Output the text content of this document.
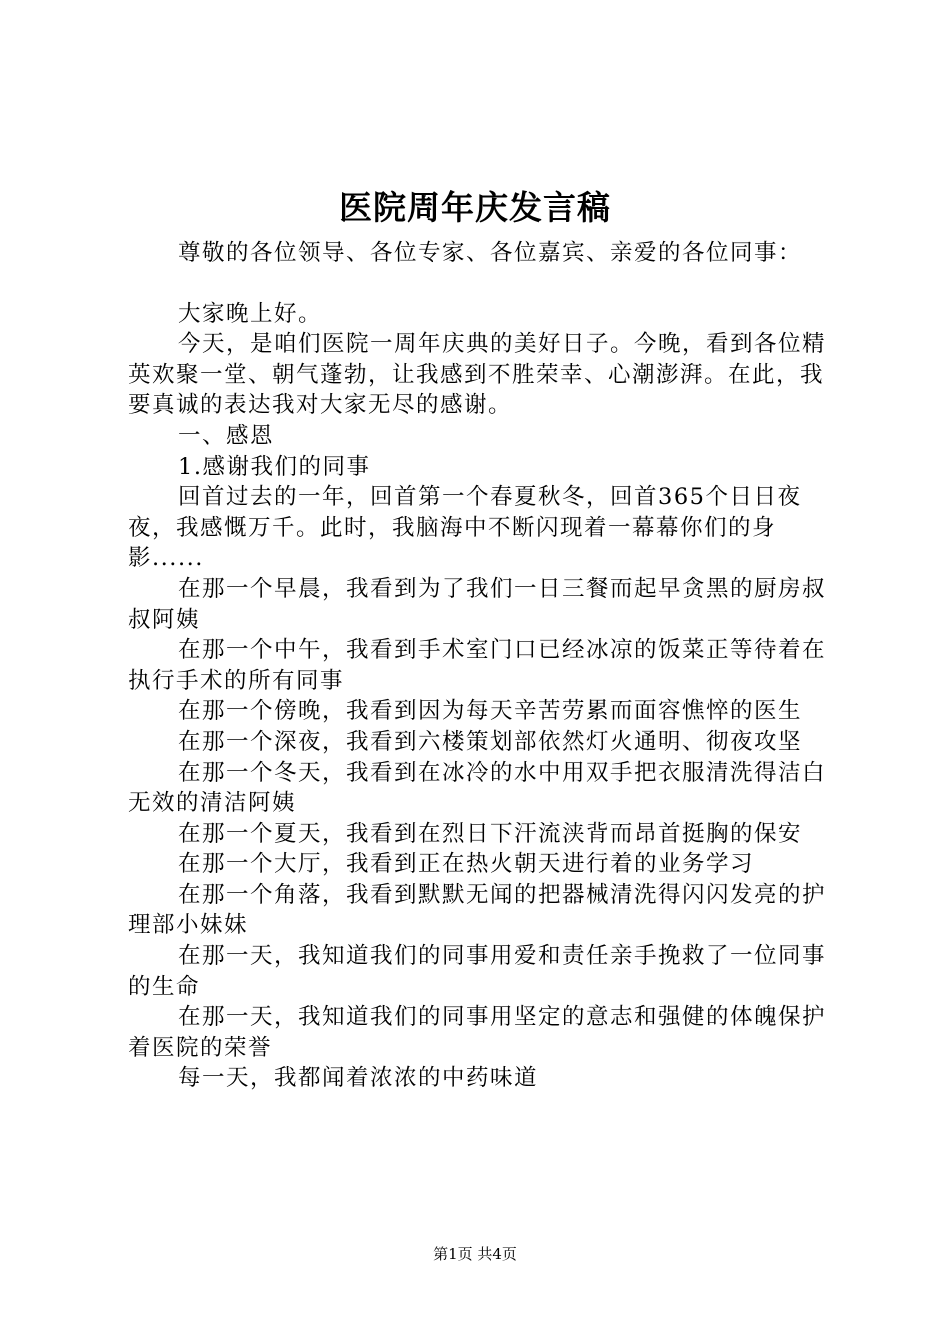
医院周年庆发言稿

尊敬的各位领导、各位专家、各位嘉宾、亲爱的各位同事：

大家晚上好。

今天，是咱们医院一周年庆典的美好日子。今晚，看到各位精英欢聚一堂、朝气蓬勃，让我感到不胜荣幸、心潮澎湃。在此，我要真诚的表达我对大家无尽的感谢。

一、感恩

1.感谢我们的同事

回首过去的一年，回首第一个春夏秋冬，回首365个日日夜夜，我感慨万千。此时，我脑海中不断闪现着一幕幕你们的身影......

在那一个早晨，我看到为了我们一日三餐而起早贪黑的厨房叔叔阿姨

在那一个中午，我看到手术室门口已经冰凉的饭菜正等待着在执行手术的所有同事

在那一个傍晚，我看到因为每天辛苦劳累而面容憔悴的医生

在那一个深夜，我看到六楼策划部依然灯火通明、彻夜攻坚

在那一个冬天，我看到在冰冷的水中用双手把衣服清洗得洁白无效的清洁阿姨

在那一个夏天，我看到在烈日下汗流浃背而昂首挺胸的保安

在那一个大厅，我看到正在热火朝天进行着的业务学习

在那一个角落，我看到默默无闻的把器械清洗得闪闪发亮的护理部小妹妹

在那一天，我知道我们的同事用爱和责任亲手挽救了一位同事的生命

在那一天，我知道我们的同事用坚定的意志和强健的体魄保护着医院的荣誉

每一天，我都闻着浓浓的中药味道

第1页 共4页
